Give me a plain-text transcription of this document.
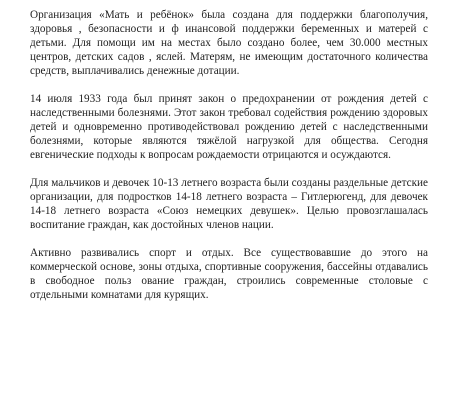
Организация «Мать и ребёнок» была создана для поддержки благополучия, здоровья , безопасности и ф инансовой поддержки беременных и матерей с детьми. Для помощи им на местах было создано более, чем 30.000 местных центров, детских садов , яслей. Матерям, не имеющим достаточного количества средств, выплачивались денежные дотации.

14 июля 1933 года был принят закон о предохранении от рождения детей с наследственными болезнями. Этот закон требовал содействия рождению здоровых детей и одновременно противодействовал рождению детей с наследственными болезнями, которые являются тяжёлой нагрузкой для общества. Сегодня евгенические подходы к вопросам рождаемости отрицаются и осуждаются.

Для мальчиков и девочек 10-13 летнего возраста были созданы раздельные детские организации, для подростков 14-18 летнего возраста – Гитлерюгенд, для девочек 14-18 летнего возраста «Союз немецких девушек». Целью провозглашалась воспитание граждан, как достойных членов нации.

Активно развивались спорт и отдых. Все существовавшие до этого на коммерческой основе, зоны отдыха, спортивные сооружения, бассейны отдавались в свободное польз ование граждан, строились современные столовые с отдельными комнатами для курящих.
